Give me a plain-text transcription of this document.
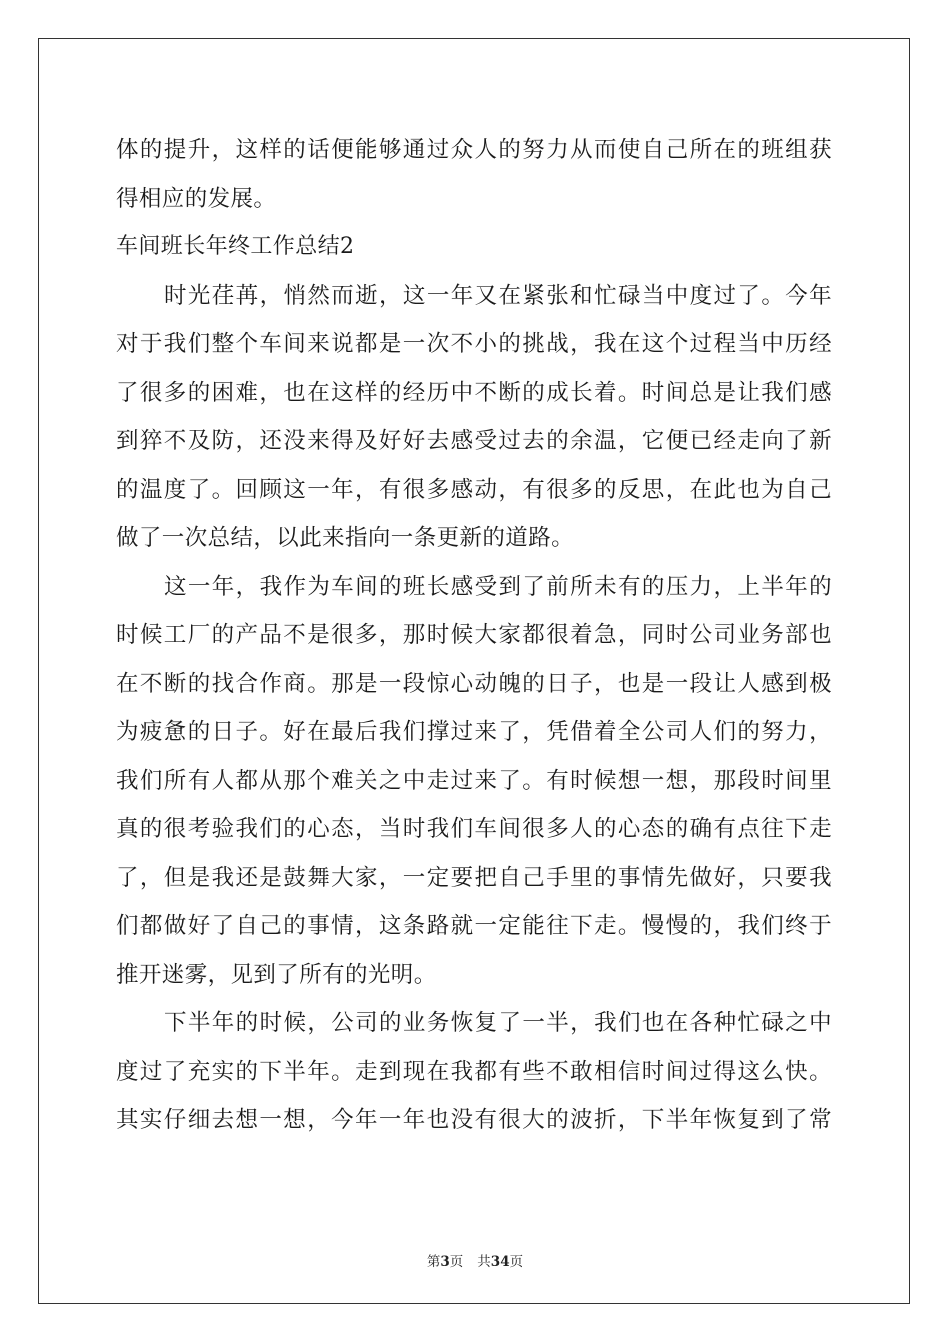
体的提升，这样的话便能够通过众人的努力从而使自己所在的班组获
得相应的发展。
车间班长年终工作总结2
时光荏苒，悄然而逝，这一年又在紧张和忙碌当中度过了。今年
对于我们整个车间来说都是一次不小的挑战，我在这个过程当中历经
了很多的困难，也在这样的经历中不断的成长着。时间总是让我们感
到猝不及防，还没来得及好好去感受过去的余温，它便已经走向了新
的温度了。回顾这一年，有很多感动，有很多的反思，在此也为自己
做了一次总结，以此来指向一条更新的道路。
这一年，我作为车间的班长感受到了前所未有的压力，上半年的
时候工厂的产品不是很多，那时候大家都很着急，同时公司业务部也
在不断的找合作商。那是一段惊心动魄的日子，也是一段让人感到极
为疲惫的日子。好在最后我们撑过来了，凭借着全公司人们的努力，
我们所有人都从那个难关之中走过来了。有时候想一想，那段时间里
真的很考验我们的心态，当时我们车间很多人的心态的确有点往下走
了，但是我还是鼓舞大家，一定要把自己手里的事情先做好，只要我
们都做好了自己的事情，这条路就一定能往下走。慢慢的，我们终于
推开迷雾，见到了所有的光明。
下半年的时候，公司的业务恢复了一半，我们也在各种忙碌之中
度过了充实的下半年。走到现在我都有些不敢相信时间过得这么快。
其实仔细去想一想，今年一年也没有很大的波折，下半年恢复到了常
第3页 共34页
